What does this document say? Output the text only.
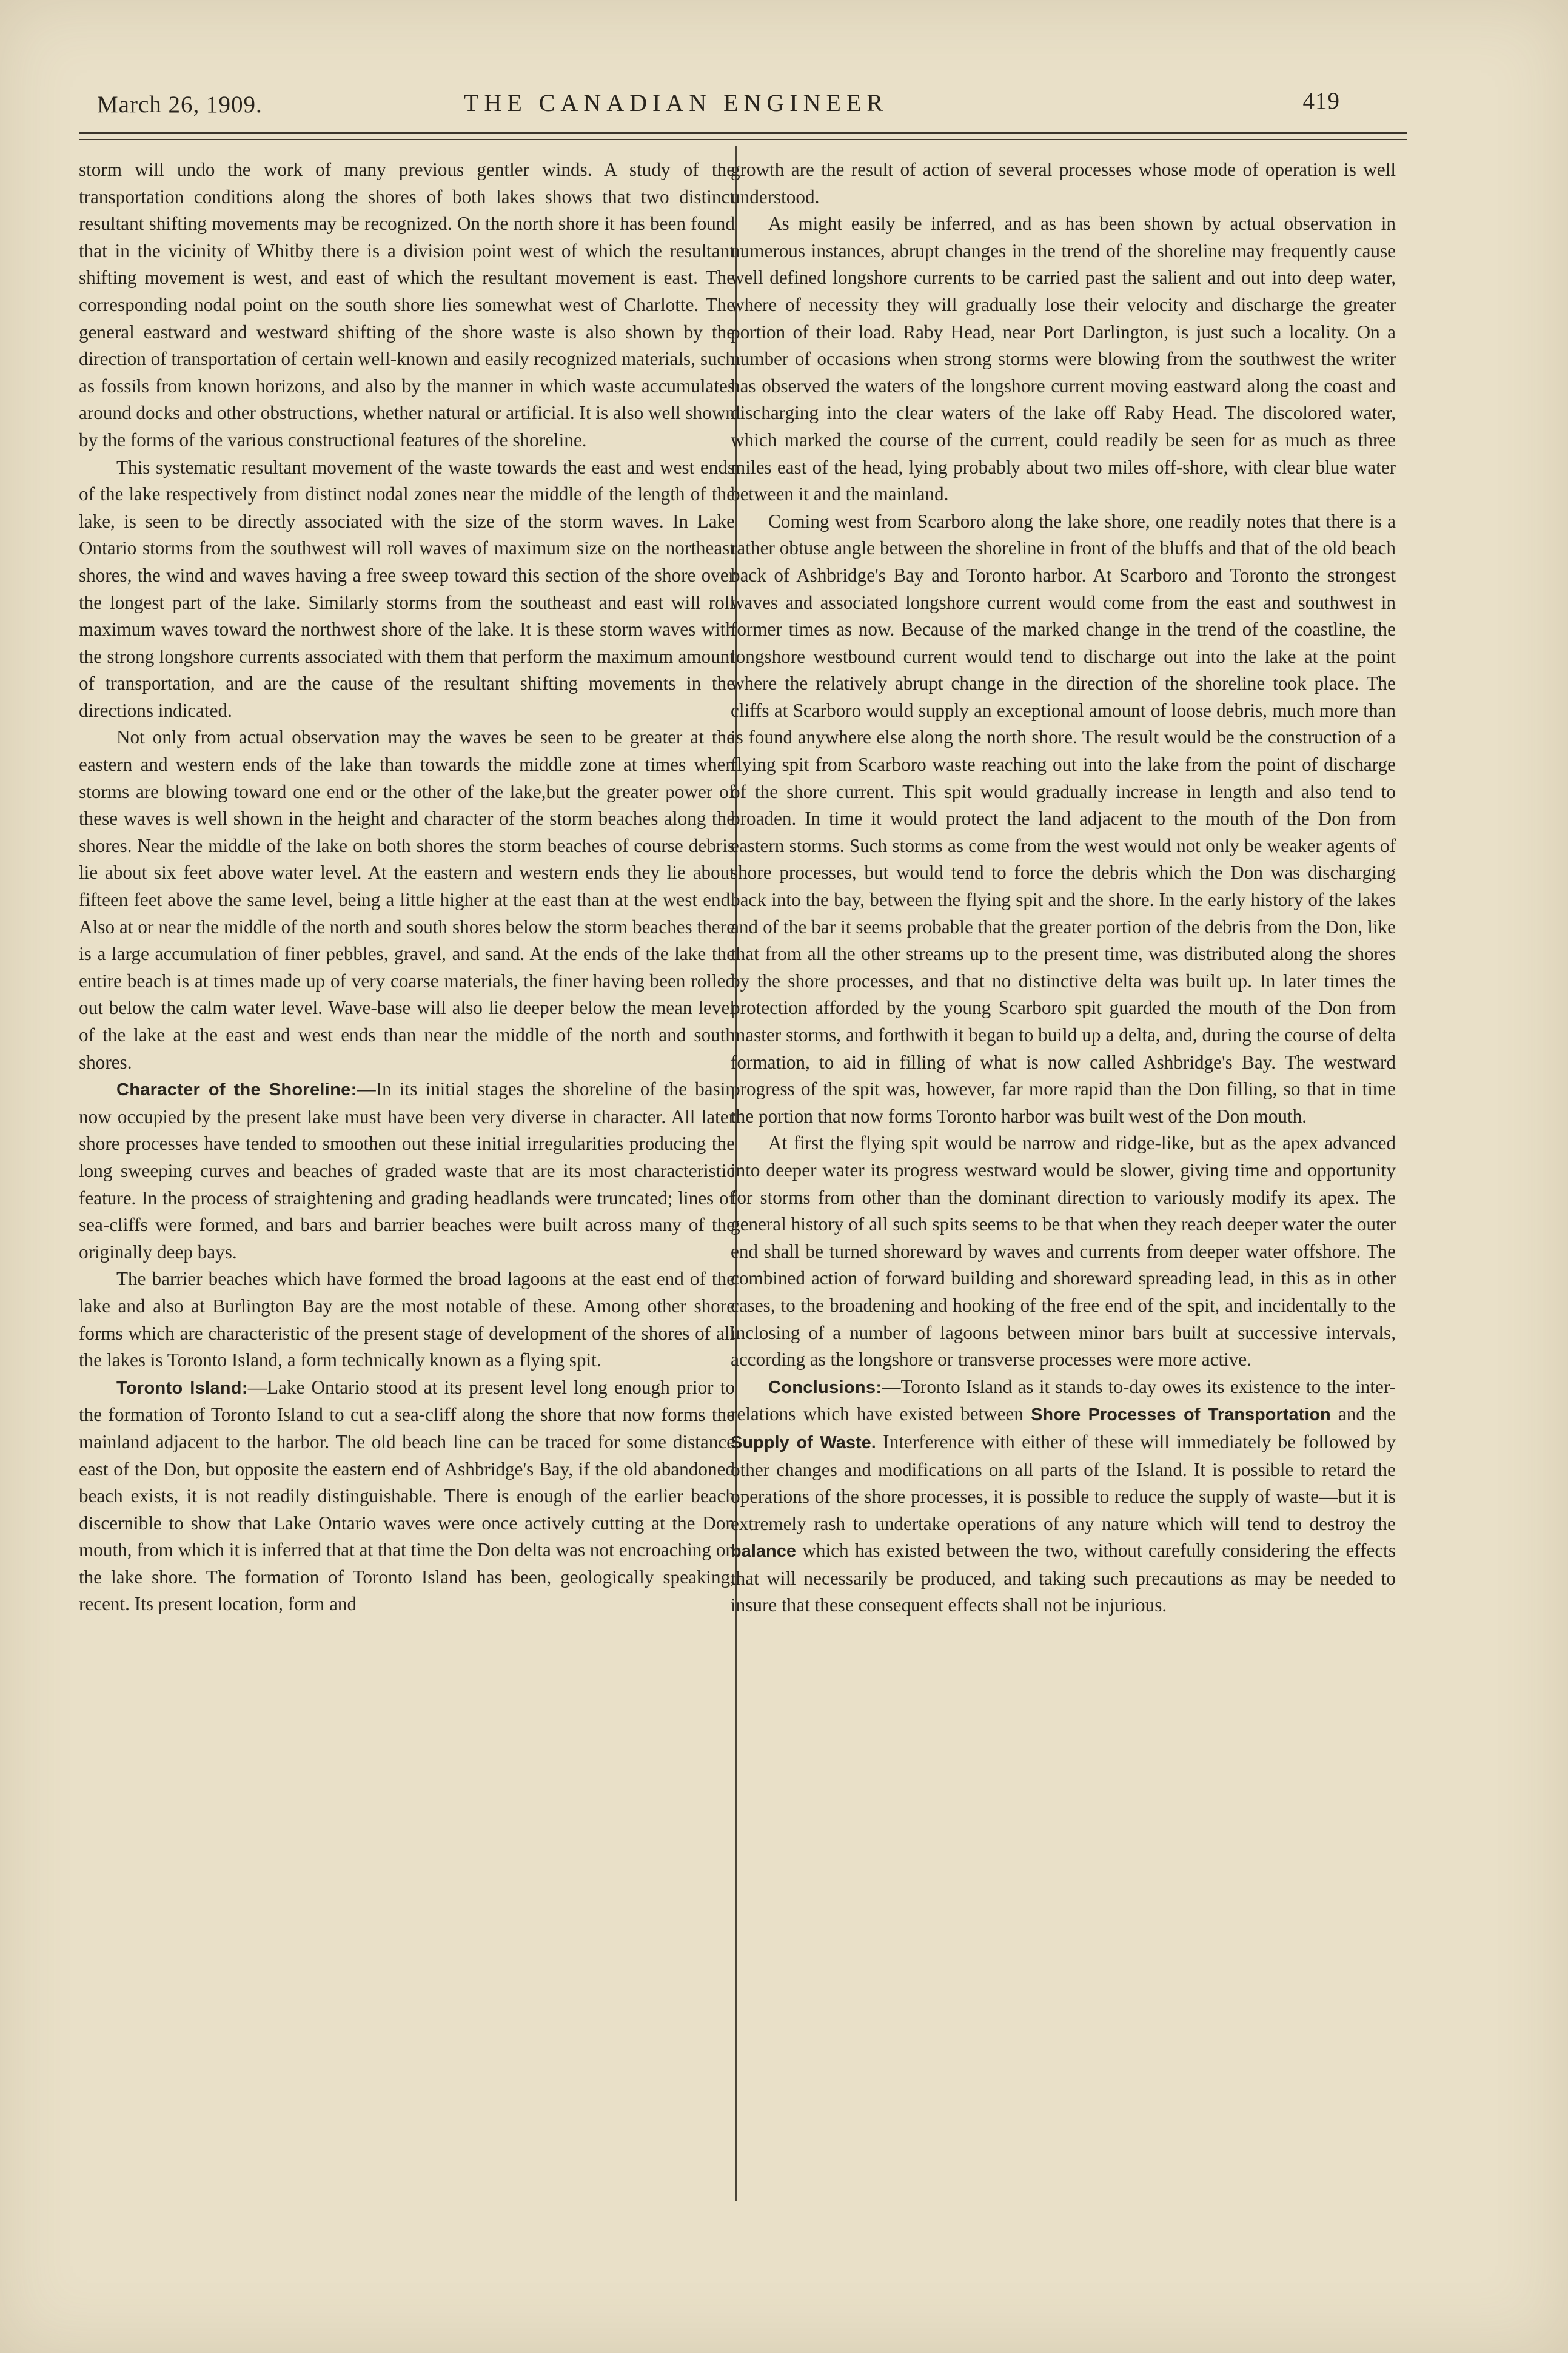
March 26, 1909.	THE CANADIAN ENGINEER	419

storm will undo the work of many previous gentler winds. A study of the transportation conditions along the shores of both lakes shows that two distinct resultant shifting movements may be recognized. On the north shore it has been found that in the vicinity of Whitby there is a division point west of which the resultant shifting movement is west, and east of which the resultant movement is east. The corresponding nodal point on the south shore lies somewhat west of Charlotte. The general eastward and westward shifting of the shore waste is also shown by the direction of transportation of certain well-known and easily recognized materials, such as fossils from known horizons, and also by the manner in which waste accumulates around docks and other obstructions, whether natural or artificial. It is also well shown by the forms of the various constructional features of the shoreline.

This systematic resultant movement of the waste towards the east and west ends of the lake respectively from distinct nodal zones near the middle of the length of the lake, is seen to be directly associated with the size of the storm waves. In Lake Ontario storms from the southwest will roll waves of maximum size on the northeast shores, the wind and waves having a free sweep toward this section of the shore over the longest part of the lake. Similarly storms from the southeast and east will roll maximum waves toward the northwest shore of the lake. It is these storm waves with the strong longshore currents associated with them that perform the maximum amount of transportation, and are the cause of the resultant shifting movements in the directions indicated.

Not only from actual observation may the waves be seen to be greater at the eastern and western ends of the lake than towards the middle zone at times when storms are blowing toward one end or the other of the lake,but the greater power of these waves is well shown in the height and character of the storm beaches along the shores. Near the middle of the lake on both shores the storm beaches of course debris lie about six feet above water level. At the eastern and western ends they lie about fifteen feet above the same level, being a little higher at the east than at the west end. Also at or near the middle of the north and south shores below the storm beaches there is a large accumulation of finer pebbles, gravel, and sand. At the ends of the lake the entire beach is at times made up of very coarse materials, the finer having been rolled out below the calm water level. Wave-base will also lie deeper below the mean level of the lake at the east and west ends than near the middle of the north and south shores.

Character of the Shoreline:—In its initial stages the shoreline of the basin now occupied by the present lake must have been very diverse in character. All later shore processes have tended to smoothen out these initial irregularities producing the long sweeping curves and beaches of graded waste that are its most characteristic feature. In the process of straightening and grading headlands were truncated; lines of sea-cliffs were formed, and bars and barrier beaches were built across many of the originally deep bays.

The barrier beaches which have formed the broad lagoons at the east end of the lake and also at Burlington Bay are the most notable of these. Among other shore forms which are characteristic of the present stage of development of the shores of all the lakes is Toronto Island, a form technically known as a flying spit.

Toronto Island:—Lake Ontario stood at its present level long enough prior to the formation of Toronto Island to cut a sea-cliff along the shore that now forms the mainland adjacent to the harbor. The old beach line can be traced for some distance east of the Don, but opposite the eastern end of Ashbridge's Bay, if the old abandoned beach exists, it is not readily distinguishable. There is enough of the earlier beach discernible to show that Lake Ontario waves were once actively cutting at the Don mouth, from which it is inferred that at that time the Don delta was not encroaching on the lake shore. The formation of Toronto Island has been, geologically speaking, recent. Its present location, form and

growth are the result of action of several processes whose mode of operation is well understood.

As might easily be inferred, and as has been shown by actual observation in numerous instances, abrupt changes in the trend of the shoreline may frequently cause well defined longshore currents to be carried past the salient and out into deep water, where of necessity they will gradually lose their velocity and discharge the greater portion of their load. Raby Head, near Port Darlington, is just such a locality. On a number of occasions when strong storms were blowing from the southwest the writer has observed the waters of the longshore current moving eastward along the coast and discharging into the clear waters of the lake off Raby Head. The discolored water, which marked the course of the current, could readily be seen for as much as three miles east of the head, lying probably about two miles off-shore, with clear blue water between it and the mainland.

Coming west from Scarboro along the lake shore, one readily notes that there is a rather obtuse angle between the shoreline in front of the bluffs and that of the old beach back of Ashbridge's Bay and Toronto harbor. At Scarboro and Toronto the strongest waves and associated longshore current would come from the east and southwest in former times as now. Because of the marked change in the trend of the coastline, the longshore westbound current would tend to discharge out into the lake at the point where the relatively abrupt change in the direction of the shoreline took place. The cliffs at Scarboro would supply an exceptional amount of loose debris, much more than is found anywhere else along the north shore. The result would be the construction of a flying spit from Scarboro waste reaching out into the lake from the point of discharge of the shore current. This spit would gradually increase in length and also tend to broaden. In time it would protect the land adjacent to the mouth of the Don from eastern storms. Such storms as come from the west would not only be weaker agents of shore processes, but would tend to force the debris which the Don was discharging back into the bay, between the flying spit and the shore. In the early history of the lakes and of the bar it seems probable that the greater portion of the debris from the Don, like that from all the other streams up to the present time, was distributed along the shores by the shore processes, and that no distinctive delta was built up. In later times the protection afforded by the young Scarboro spit guarded the mouth of the Don from master storms, and forthwith it began to build up a delta, and, during the course of delta formation, to aid in filling of what is now called Ashbridge's Bay. The westward progress of the spit was, however, far more rapid than the Don filling, so that in time the portion that now forms Toronto harbor was built west of the Don mouth.

At first the flying spit would be narrow and ridge-like, but as the apex advanced into deeper water its progress westward would be slower, giving time and opportunity for storms from other than the dominant direction to variously modify its apex. The general history of all such spits seems to be that when they reach deeper water the outer end shall be turned shoreward by waves and currents from deeper water offshore. The combined action of forward building and shoreward spreading lead, in this as in other cases, to the broadening and hooking of the free end of the spit, and incidentally to the inclosing of a number of lagoons between minor bars built at successive intervals, according as the longshore or transverse processes were more active.

Conclusions:—Toronto Island as it stands to-day owes its existence to the inter-relations which have existed between Shore Processes of Transportation and the Supply of Waste. Interference with either of these will immediately be followed by other changes and modifications on all parts of the Island. It is possible to retard the operations of the shore processes, it is possible to reduce the supply of waste—but it is extremely rash to undertake operations of any nature which will tend to destroy the balance which has existed between the two, without carefully considering the effects that will necessarily be produced, and taking such precautions as may be needed to insure that these consequent effects shall not be injurious.
